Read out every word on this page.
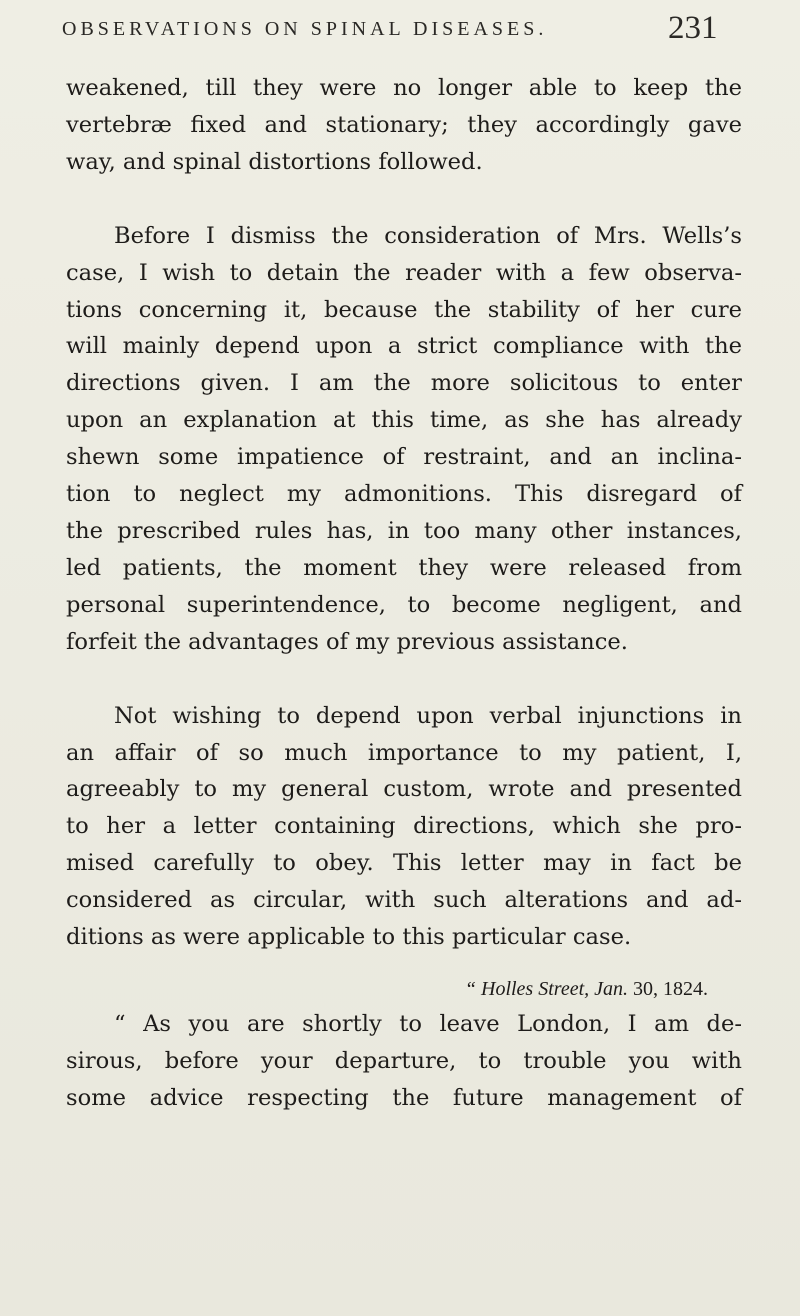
OBSERVATIONS ON SPINAL DISEASES.	231
weakened, till they were no longer able to keep the
vertebræ fixed and stationary; they accordingly gave
way, and spinal distortions followed.
Before I dismiss the consideration of Mrs. Wells’s
case, I wish to detain the reader with a few observa-
tions concerning it, because the stability of her cure
will mainly depend upon a strict compliance with the
directions given. I am the more solicitous to enter
upon an explanation at this time, as she has already
shewn some impatience of restraint, and an inclina-
tion to neglect my admonitions. This disregard of
the prescribed rules has, in too many other instances,
led patients, the moment they were released from
personal superintendence, to become negligent, and
forfeit the advantages of my previous assistance.
Not wishing to depend upon verbal injunctions in
an affair of so much importance to my patient, I,
agreeably to my general custom, wrote and presented
to her a letter containing directions, which she pro-
mised carefully to obey. This letter may in fact be
considered as circular, with such alterations and ad-
ditions as were applicable to this particular case.
“ Holles Street, Jan. 30, 1824.
“ As you are shortly to leave London, I am de-
sirous, before your departure, to trouble you with
some advice respecting the future management of
